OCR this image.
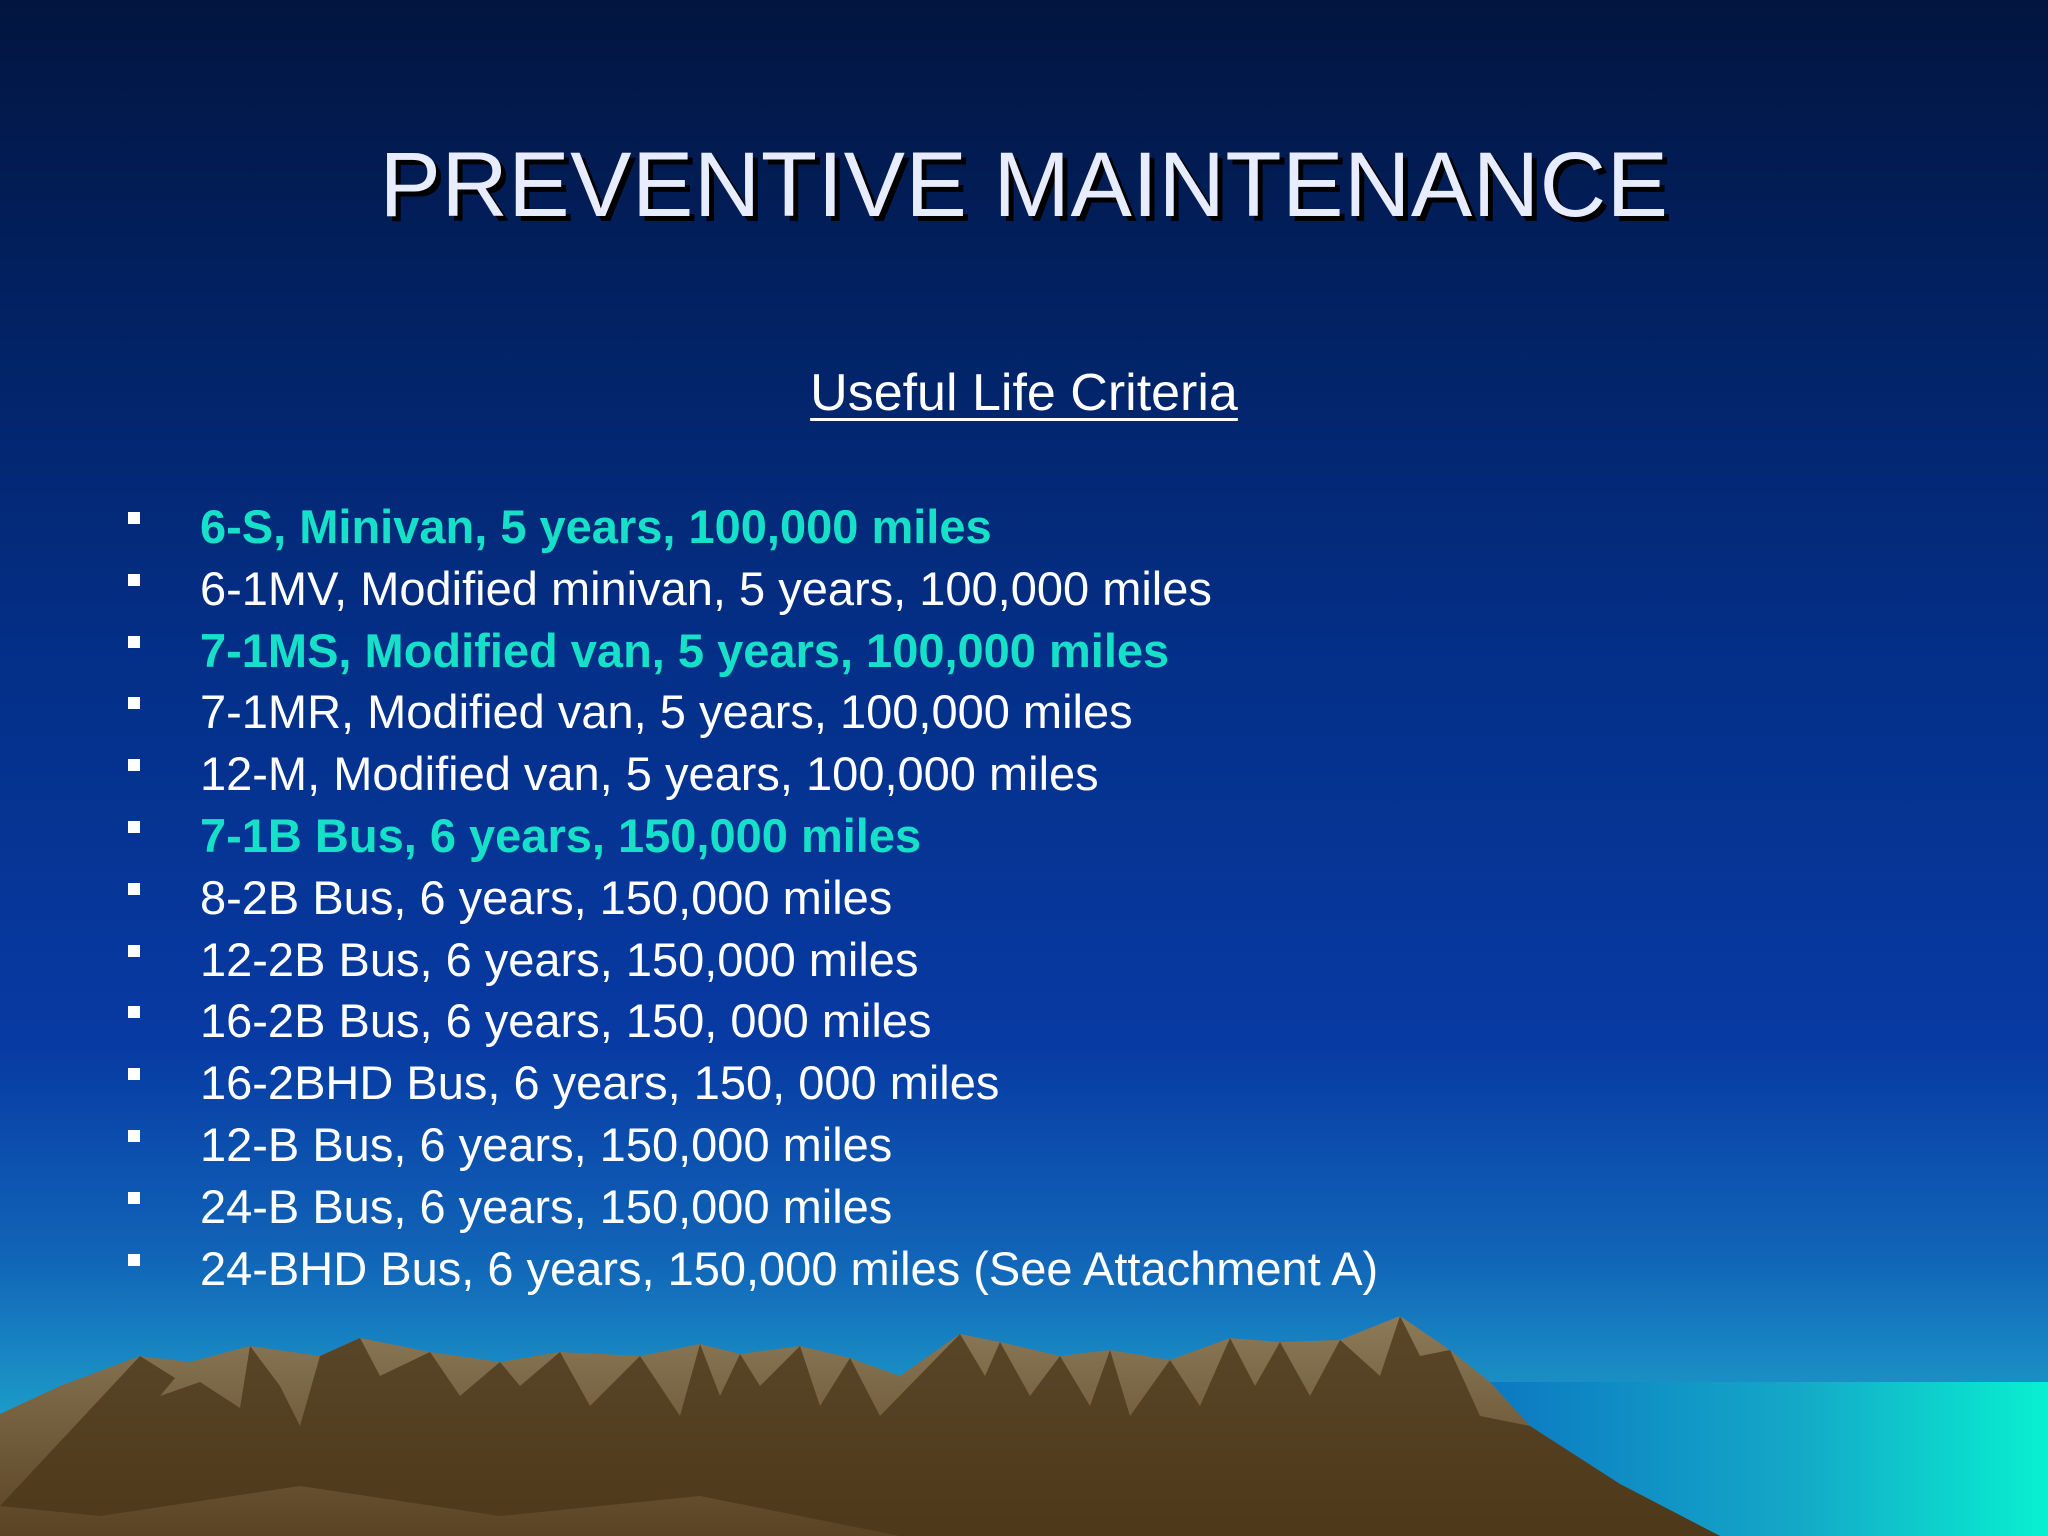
PREVENTIVE MAINTENANCE
Useful Life Criteria
6-S, Minivan, 5 years, 100,000 miles
6-1MV, Modified minivan, 5 years, 100,000 miles
7-1MS, Modified van, 5 years, 100,000 miles
7-1MR, Modified van, 5 years, 100,000 miles
12-M, Modified van, 5 years, 100,000 miles
7-1B Bus, 6 years, 150,000 miles
8-2B Bus, 6 years, 150,000 miles
12-2B Bus, 6 years, 150,000 miles
16-2B Bus, 6 years, 150, 000 miles
16-2BHD Bus, 6 years, 150, 000 miles
12-B Bus, 6 years, 150,000 miles
24-B Bus, 6 years, 150,000 miles
24-BHD Bus, 6 years, 150,000 miles (See Attachment A)
